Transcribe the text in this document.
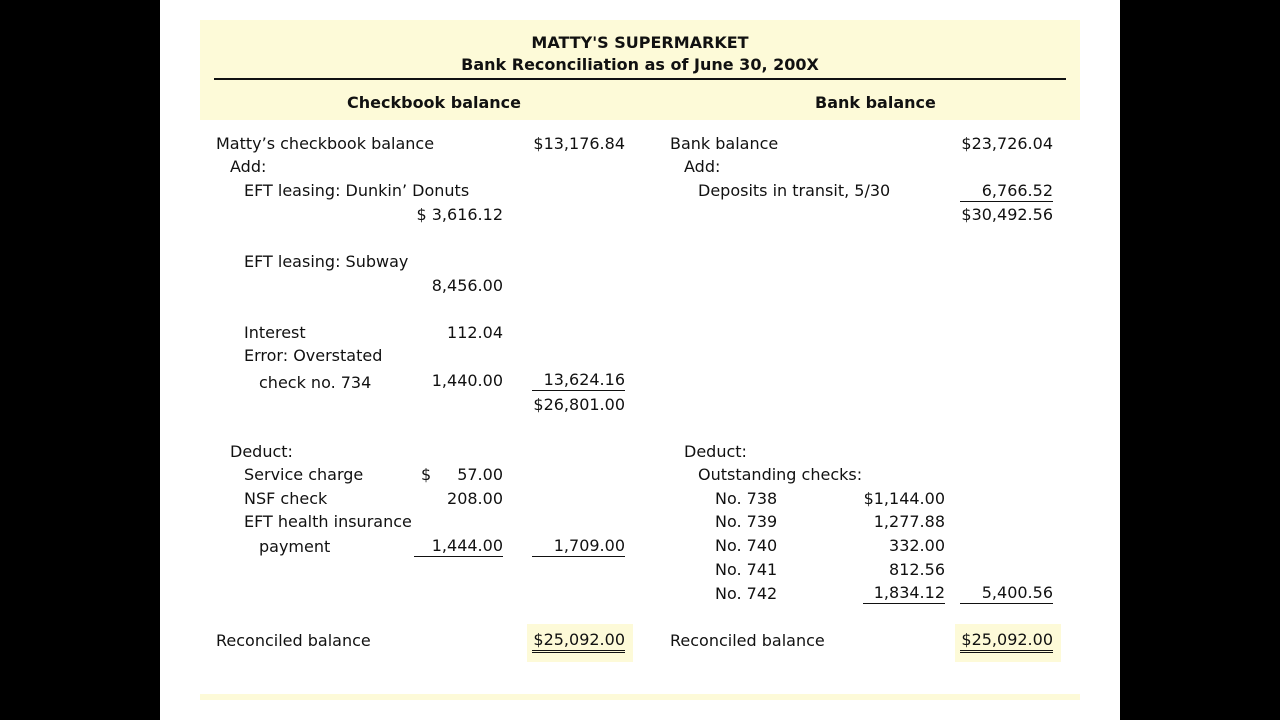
MATTY'S SUPERMARKET
Bank Reconciliation as of June 30, 200X
Checkbook balance	Bank balance
Matty’s checkbook balance	$13,176.84
Add:
EFT leasing: Dunkin’ Donuts
$ 3,616.12
EFT leasing: Subway
8,456.00
Interest	112.04
Error: Overstated
check no. 734	1,440.00	13,624.16
$26,801.00
Deduct:
Service charge	$	57.00
NSF check	208.00
EFT health insurance
payment	1,444.00	1,709.00
Reconciled balance	$25,092.00
Bank balance	$23,726.04
Add:
Deposits in transit, 5/30	6,766.52
$30,492.56
Deduct:
Outstanding checks:
No. 738	$1,144.00
No. 739	1,277.88
No. 740	332.00
No. 741	812.56
No. 742	1,834.12	5,400.56
Reconciled balance	$25,092.00
